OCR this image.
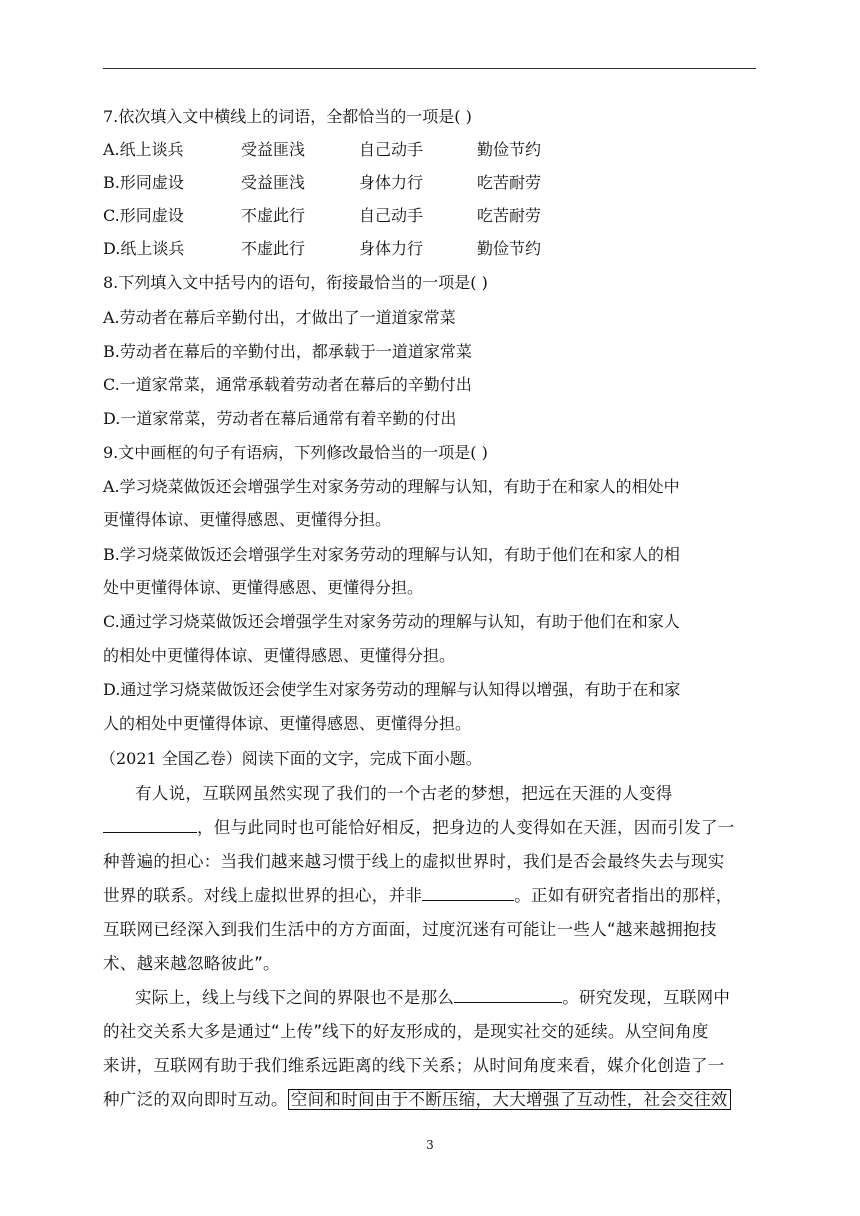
7.依次填入文中横线上的词语，全都恰当的一项是( )
A.纸上谈兵	受益匪浅	自己动手	勤俭节约
B.形同虚设	受益匪浅	身体力行	吃苦耐劳
C.形同虚设	不虚此行	自己动手	吃苦耐劳
D.纸上谈兵	不虚此行	身体力行	勤俭节约
8.下列填入文中括号内的语句，衔接最恰当的一项是( )
A.劳动者在幕后辛勤付出，才做出了一道道家常菜
B.劳动者在幕后的辛勤付出，都承载于一道道家常菜
C.一道家常菜，通常承载着劳动者在幕后的辛勤付出
D.一道家常菜，劳动者在幕后通常有着辛勤的付出
9.文中画框的句子有语病，下列修改最恰当的一项是( )
A.学习烧菜做饭还会增强学生对家务劳动的理解与认知，有助于在和家人的相处中
更懂得体谅、更懂得感恩、更懂得分担。
B.学习烧菜做饭还会增强学生对家务劳动的理解与认知，有助于他们在和家人的相
处中更懂得体谅、更懂得感恩、更懂得分担。
C.通过学习烧菜做饭还会增强学生对家务劳动的理解与认知，有助于他们在和家人
的相处中更懂得体谅、更懂得感恩、更懂得分担。
D.通过学习烧菜做饭还会使学生对家务劳动的理解与认知得以增强，有助于在和家
人的相处中更懂得体谅、更懂得感恩、更懂得分担。
（2021 全国乙卷）阅读下面的文字，完成下面小题。
有人说，互联网虽然实现了我们的一个古老的梦想，把远在天涯的人变得
，但与此同时也可能恰好相反，把身边的人变得如在天涯，因而引发了一
种普遍的担心：当我们越来越习惯于线上的虚拟世界时，我们是否会最终失去与现实
世界的联系。对线上虚拟世界的担心，并非	。正如有研究者指出的那样，
互联网已经深入到我们生活中的方方面面，过度沉迷有可能让一些人“越来越拥抱技
术、越来越忽略彼此”。
实际上，线上与线下之间的界限也不是那么	。研究发现，互联网中
的社交关系大多是通过“上传”线下的好友形成的，是现实社交的延续。从空间角度
来讲，互联网有助于我们维系远距离的线下关系；从时间角度来看，媒介化创造了一
种广泛的双向即时互动。 空间和时间由于不断压缩，大大增强了互动性，社会交往效
3
